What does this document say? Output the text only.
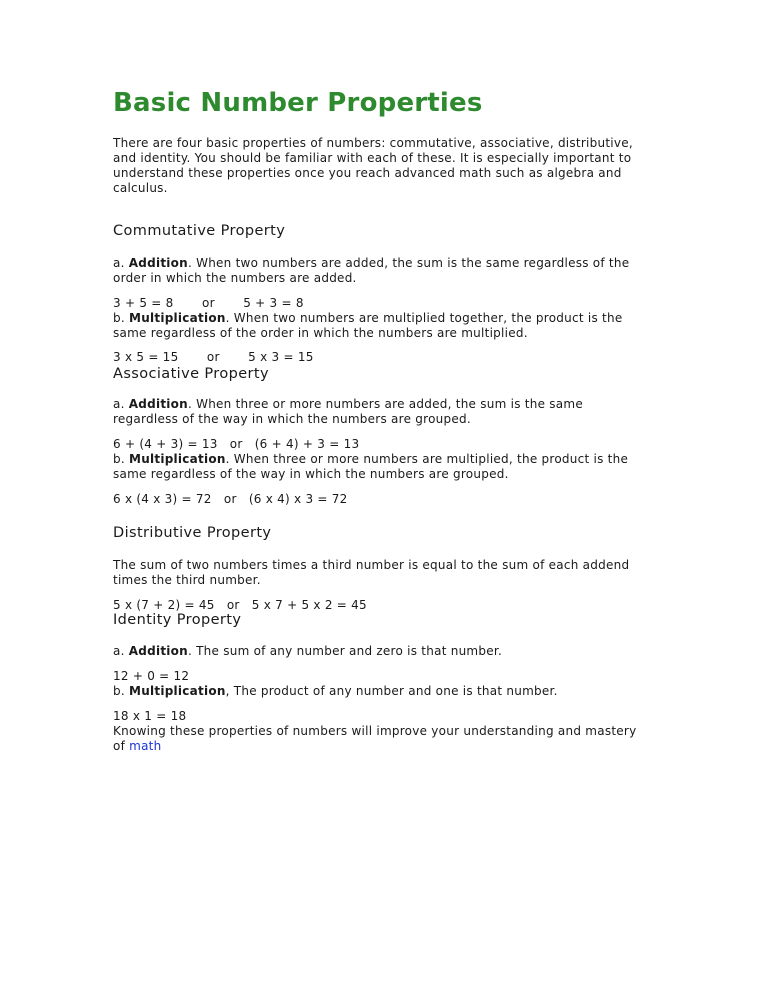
Basic Number Properties

There are four basic properties of numbers: commutative, associative, distributive,

and identity. You should be familiar with each of these. It is especially important to

understand these properties once you reach advanced math such as algebra and

calculus.

Commutative Property

a. Addition. When two numbers are added, the sum is the same regardless of the

order in which the numbers are added.

3 + 5 = 8       or       5 + 3 = 8

b. Multiplication. When two numbers are multiplied together, the product is the

same regardless of the order in which the numbers are multiplied.

3 x 5 = 15       or       5 x 3 = 15

Associative Property

a. Addition. When three or more numbers are added, the sum is the same

regardless of the way in which the numbers are grouped.

6 + (4 + 3) = 13   or   (6 + 4) + 3 = 13

b. Multiplication. When three or more numbers are multiplied, the product is the

same regardless of the way in which the numbers are grouped.

6 x (4 x 3) = 72   or   (6 x 4) x 3 = 72

Distributive Property

The sum of two numbers times a third number is equal to the sum of each addend

times the third number.

5 x (7 + 2) = 45   or   5 x 7 + 5 x 2 = 45

Identity Property

a. Addition. The sum of any number and zero is that number.

12 + 0 = 12

b. Multiplication, The product of any number and one is that number.

18 x 1 = 18

Knowing these properties of numbers will improve your understanding and mastery

of math
